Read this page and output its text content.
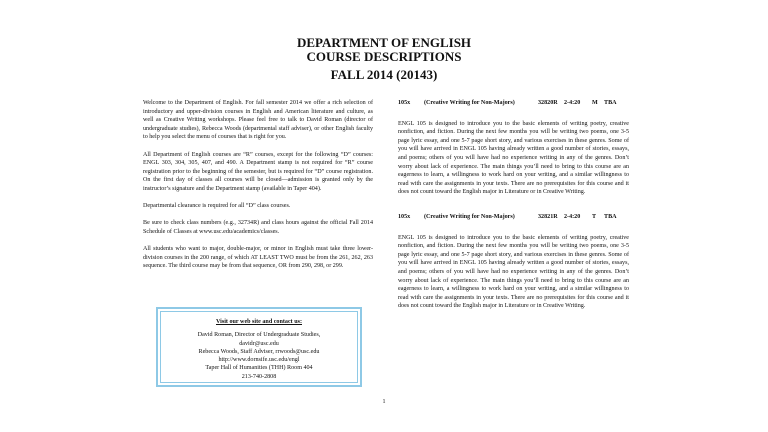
DEPARTMENT OF ENGLISH
COURSE DESCRIPTIONS
FALL 2014 (20143)

Welcome to the Department of English. For fall semester 2014 we offer a rich selection of introductory and upper-division courses in English and American literature and culture, as well as Creative Writing workshops. Please feel free to talk to David Roman (director of undergraduate studies), Rebecca Woods (departmental staff adviser), or other English faculty to help you select the menu of courses that is right for you.

All Department of English courses are “R” courses, except for the following “D” courses: ENGL 303, 304, 305, 407, and 490. A Department stamp is not required for “R” course registration prior to the beginning of the semester, but is required for “D” course registration. On the first day of classes all courses will be closed—admission is granted only by the instructor’s signature and the Department stamp (available in Taper 404).

Departmental clearance is required for all “D” class courses.

Be sure to check class numbers (e.g., 32734R) and class hours against the official Fall 2014 Schedule of Classes at www.usc.edu/academics/classes.

All students who want to major, double-major, or minor in English must take three lower-division courses in the 200 range, of which AT LEAST TWO must be from the 261, 262, 263 sequence. The third course may be from that sequence, OR from 290, 298, or 299.

Visit our web site and contact us:
David Roman, Director of Undergraduate Studies,
davidr@usc.edu
Rebecca Woods, Staff Adviser, rrwoods@usc.edu
http://www.dornsife.usc.edu/engl
Taper Hall of Humanities (THH) Room 404
213-740-2808
105x	(Creative Writing for Non-Majors)	32820R	2-4:20	M	TBA

ENGL 105 is designed to introduce you to the basic elements of writing poetry, creative nonfiction, and fiction. During the next few months you will be writing two poems, one 3-5 page lyric essay, and one 5-7 page short story, and various exercises in these genres. Some of you will have arrived in ENGL 105 having already written a good number of stories, essays, and poems; others of you will have had no experience writing in any of the genres. Don’t worry about lack of experience. The main things you’ll need to bring to this course are an eagerness to learn, a willingness to work hard on your writing, and a similar willingness to read with care the assignments in your texts. There are no prerequisites for this course and it does not count toward the English major in Literature or in Creative Writing.

105x	(Creative Writing for Non-Majors)	32821R	2-4:20	T	TBA

ENGL 105 is designed to introduce you to the basic elements of writing poetry, creative nonfiction, and fiction. During the next few months you will be writing two poems, one 3-5 page lyric essay, and one 5-7 page short story, and various exercises in these genres. Some of you will have arrived in ENGL 105 having already written a good number of stories, essays, and poems; others of you will have had no experience writing in any of the genres. Don’t worry about lack of experience. The main things you’ll need to bring to this course are an eagerness to learn, a willingness to work hard on your writing, and a similar willingness to read with care the assignments in your texts. There are no prerequisites for this course and it does not count toward the English major in Literature or in Creative Writing.

1
